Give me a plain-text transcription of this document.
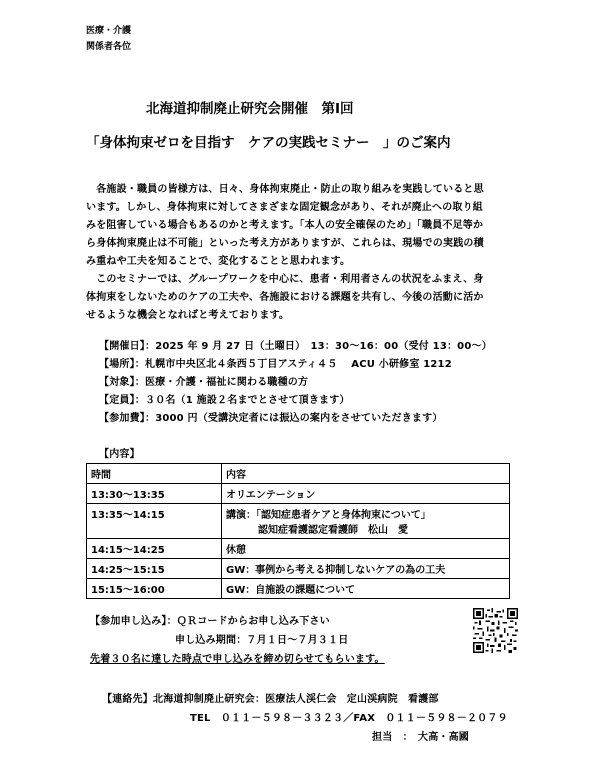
医療・介護
関係者各位
北海道抑制廃止研究会開催　第Ⅰ回
「身体拘束ゼロを目指す　ケアの実践セミナー　」のご案内
　各施設・職員の皆様方は、日々、身体拘束廃止・防止の取り組みを実践していると思
います。しかし、身体拘束に対してさまざまな固定観念があり、それが廃止への取り組
みを阻害している場合もあるのかと考えます。「本人の安全確保のため」「職員不足等か
ら身体拘束廃止は不可能」といった考え方がありますが、これらは、現場での実践の積
み重ねや工夫を知ることで、変化することと思われます。
　このセミナーでは、グループワークを中心に、患者・利用者さんの状況をふまえ、身
体拘束をしないためのケアの工夫や、各施設における課題を共有し、今後の活動に活か
せるような機会となればと考えております。
【開催日】：2025 年 9 月 27 日（土曜日）　13：30～16：00（受付 13：00～）
【場所】：札幌市中央区北４条西５丁目アスティ４５　 ACU 小研修室 1212
【対象】：医療・介護・福祉に関わる職種の方
【定員】：３０名（1 施設２名までとさせて頂きます）
【参加費】：3000 円（受講決定者には振込の案内をさせていただきます）
【内容】
時間	内容
13:30～13:35	オリエンテーション
13:35～14:15	講演：「認知症患者ケアと身体拘束について」
認知症看護認定看護師　松山　愛

14:15～14:25	休憩
14:25～15:15	GW：事例から考える抑制しないケアの為の工夫
15:15～16:00	GW：自施設の課題について
【参加申し込み】：ＱＲコードからお申し込み下さい
申し込み期間：７月１日～７月３１日
先着３０名に達した時点で申し込みを締め切らせてもらいます。
【連絡先】北海道抑制廃止研究会：医療法人渓仁会　定山渓病院　看護部
TEL　０１１－５９８－３３２３／FAX　０１１－５９８－２０７９
担当　：　大高・高國
